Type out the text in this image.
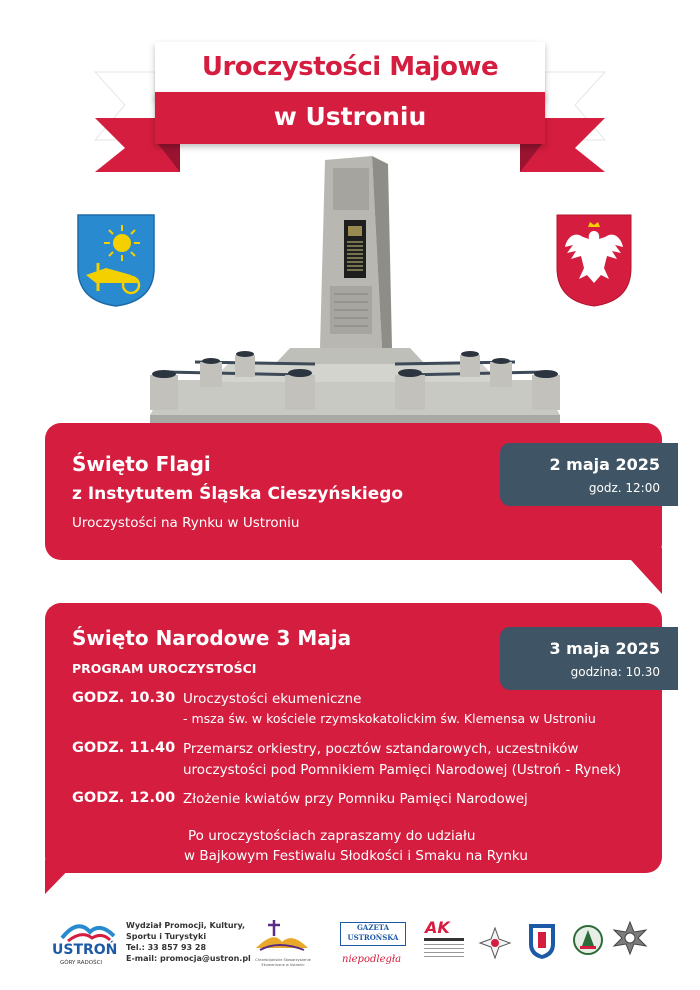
Uroczystości Majowe
w Ustroniu
2 maja 2025
godz. 12:00
Święto Flagi
z Instytutem Śląska Cieszyńskiego
Uroczystości na Rynku w Ustroniu
3 maja 2025
godzina: 10.30
Święto Narodowe 3 Maja
PROGRAM UROCZYSTOŚCI
GODZ. 10.30 Uroczystości ekumeniczne
- msza św. w kościele rzymskokatolickim św. Klemensa w Ustroniu
GODZ. 11.40 Przemarsz orkiestry, pocztów sztandarowych, uczestników
uroczystości pod Pomnikiem Pamięci Narodowej (Ustroń - Rynek)
GODZ. 12.00 Złożenie kwiatów przy Pomniku Pamięci Narodowej
Po uroczystościach zapraszamy do udziału
w Bajkowym Festiwalu Słodkości i Smaku na Rynku
USTROŃ
GÓRY RADOŚCI
Wydział Promocji, Kultury,
Sportu i Turystyki
Tel.: 33 857 93 28
E-mail: promocja@ustron.pl	Chrześcijańskie Stowarzyszenie Ekumeniczne w Ustroniu
GAZETA USTROŃSKA
niepodległa
AK
